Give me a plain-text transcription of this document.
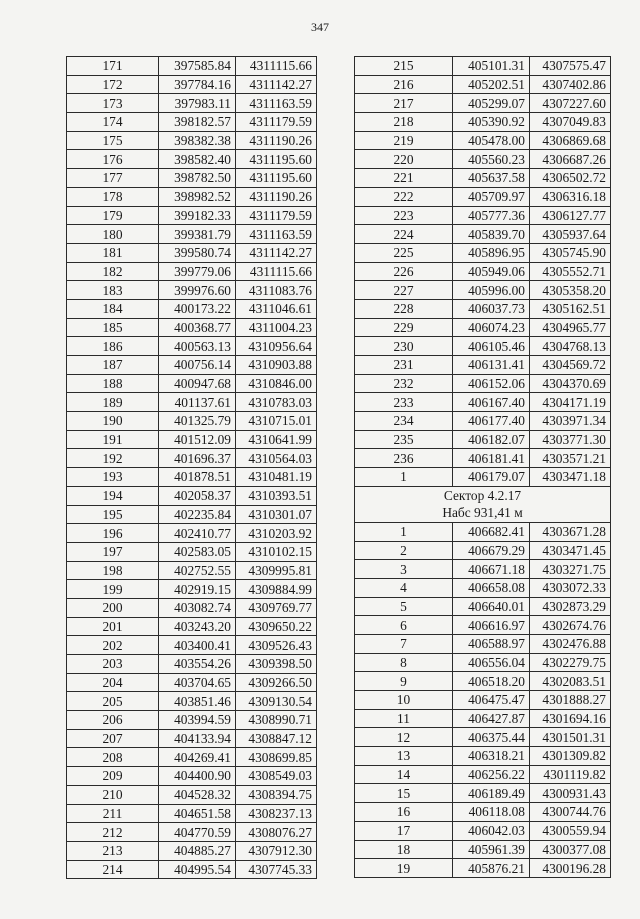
347
171	397585.84	4311115.66
172	397784.16	4311142.27
173	397983.11	4311163.59
174	398182.57	4311179.59
175	398382.38	4311190.26
176	398582.40	4311195.60
177	398782.50	4311195.60
178	398982.52	4311190.26
179	399182.33	4311179.59
180	399381.79	4311163.59
181	399580.74	4311142.27
182	399779.06	4311115.66
183	399976.60	4311083.76
184	400173.22	4311046.61
185	400368.77	4311004.23
186	400563.13	4310956.64
187	400756.14	4310903.88
188	400947.68	4310846.00
189	401137.61	4310783.03
190	401325.79	4310715.01
191	401512.09	4310641.99
192	401696.37	4310564.03
193	401878.51	4310481.19
194	402058.37	4310393.51
195	402235.84	4310301.07
196	402410.77	4310203.92
197	402583.05	4310102.15
198	402752.55	4309995.81
199	402919.15	4309884.99
200	403082.74	4309769.77
201	403243.20	4309650.22
202	403400.41	4309526.43
203	403554.26	4309398.50
204	403704.65	4309266.50
205	403851.46	4309130.54
206	403994.59	4308990.71
207	404133.94	4308847.12
208	404269.41	4308699.85
209	404400.90	4308549.03
210	404528.32	4308394.75
211	404651.58	4308237.13
212	404770.59	4308076.27
213	404885.27	4307912.30
214	404995.54	4307745.33
215	405101.31	4307575.47
216	405202.51	4307402.86
217	405299.07	4307227.60
218	405390.92	4307049.83
219	405478.00	4306869.68
220	405560.23	4306687.26
221	405637.58	4306502.72
222	405709.97	4306316.18
223	405777.36	4306127.77
224	405839.70	4305937.64
225	405896.95	4305745.90
226	405949.06	4305552.71
227	405996.00	4305358.20
228	406037.73	4305162.51
229	406074.23	4304965.77
230	406105.46	4304768.13
231	406131.41	4304569.72
232	406152.06	4304370.69
233	406167.40	4304171.19
234	406177.40	4303971.34
235	406182.07	4303771.30
236	406181.41	4303571.21
1	406179.07	4303471.18

Сектор 4.2.17
Набс 931,41 м		

1	406682.41	4303671.28
2	406679.29	4303471.45
3	406671.18	4303271.75
4	406658.08	4303072.33
5	406640.01	4302873.29
6	406616.97	4302674.76
7	406588.97	4302476.88
8	406556.04	4302279.75
9	406518.20	4302083.51
10	406475.47	4301888.27
11	406427.87	4301694.16
12	406375.44	4301501.31
13	406318.21	4301309.82
14	406256.22	4301119.82
15	406189.49	4300931.43
16	406118.08	4300744.76
17	406042.03	4300559.94
18	405961.39	4300377.08
19	405876.21	4300196.28
